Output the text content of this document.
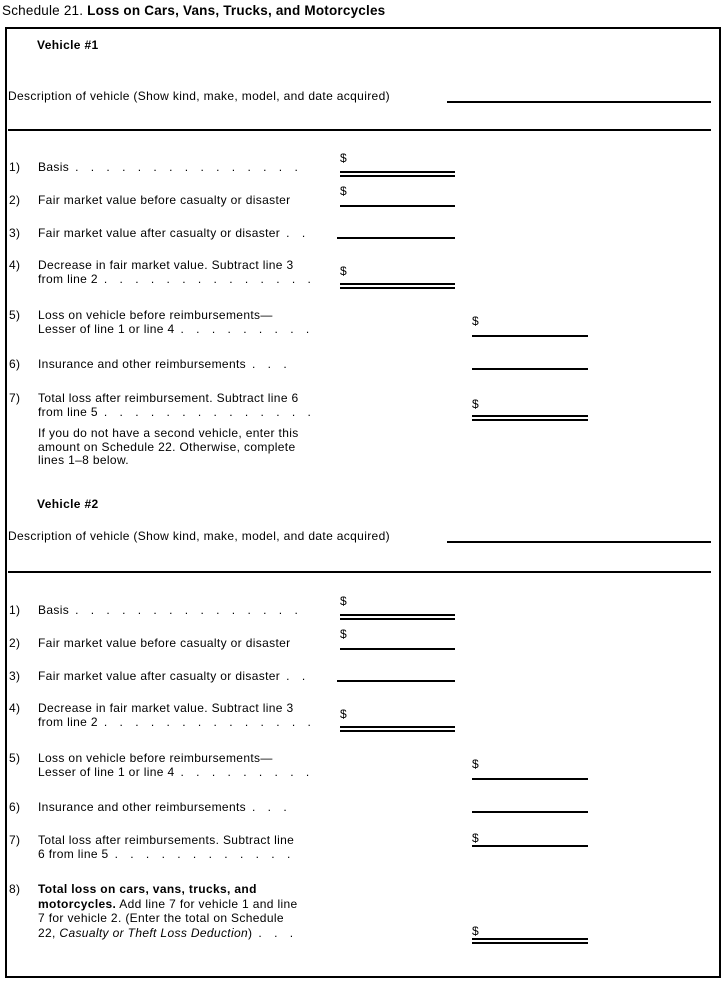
Schedule 21. Loss on Cars, Vans, Trucks, and Motorcycles
Vehicle #1
Description of vehicle (Show kind, make, model, and date acquired)
1) Basis . . . . . . . . . . . . . . .
$
2) Fair market value before casualty or disaster
$
3) Fair market value after casualty or disaster . .
4) Decrease in fair market value. Subtract line 3
from line 2 . . . . . . . . . . . . . .
$
5) Loss on vehicle before reimbursements—
Lesser of line 1 or line 4 . . . . . . . . .
$
6) Insurance and other reimbursements . . .
7) Total loss after reimbursement. Subtract line 6
from line 5 . . . . . . . . . . . . . .
$
If you do not have a second vehicle, enter this
amount on Schedule 22. Otherwise, complete
lines 1–8 below.
Vehicle #2
Description of vehicle (Show kind, make, model, and date acquired)
1) Basis . . . . . . . . . . . . . . .
$
2) Fair market value before casualty or disaster
$
3) Fair market value after casualty or disaster . .
4) Decrease in fair market value. Subtract line 3
from line 2 . . . . . . . . . . . . . .
$
5) Loss on vehicle before reimbursements—
Lesser of line 1 or line 4 . . . . . . . . .
$
6) Insurance and other reimbursements . . .
7) Total loss after reimbursements. Subtract line
6 from line 5 . . . . . . . . . . . .
$
8) Total loss on cars, vans, trucks, and
motorcycles. Add line 7 for vehicle 1 and line
7 for vehicle 2. (Enter the total on Schedule
22, Casualty or Theft Loss Deduction) . . .	$
